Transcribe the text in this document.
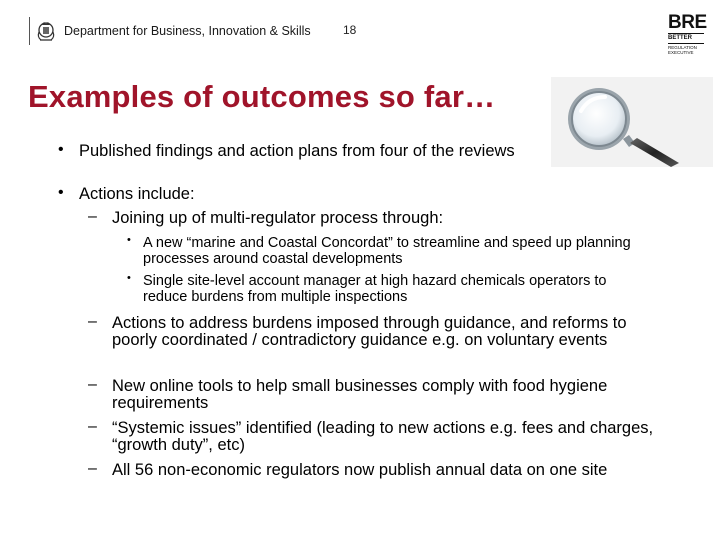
Department for Business, Innovation & Skills	18	BRE
BETTER
REGULATION
EXECUTIVE
Examples of outcomes so far…
• Published findings and action plans from four of the reviews
• Actions include:
– Joining up of multi-regulator process through:
• A new “marine and Coastal Concordat” to streamline and speed up planning processes around coastal developments
• Single site-level account manager at high hazard chemicals operators to reduce burdens from multiple inspections
– Actions to address burdens imposed through guidance, and reforms to poorly coordinated / contradictory guidance e.g. on voluntary events
– New online tools to help small businesses comply with food hygiene requirements
– “Systemic issues” identified (leading to new actions e.g. fees and charges, “growth duty”, etc)
– All 56 non-economic regulators now publish annual data on one site
